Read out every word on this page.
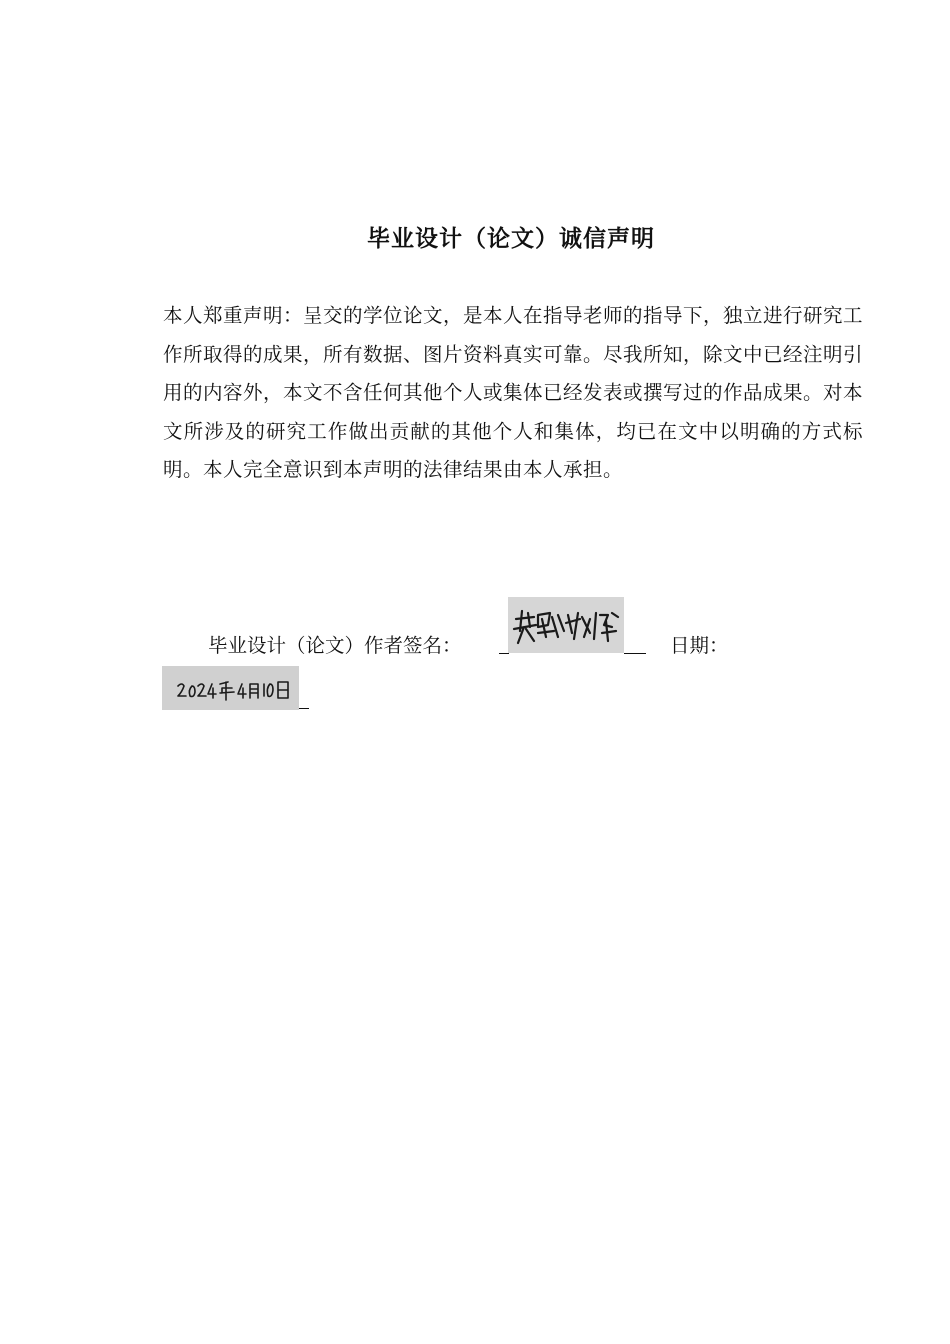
毕业设计（论文）诚信声明
本人郑重声明：呈交的学位论文，是本人在指导老师的指导下，独立进行研究工作所取得的成果，所有数据、图片资料真实可靠。尽我所知，除文中已经注明引用的内容外，本文不含任何其他个人或集体已经发表或撰写过的作品成果。对本文所涉及的研究工作做出贡献的其他个人和集体，均已在文中以明确的方式标明。本人完全意识到本声明的法律结果由本人承担。
毕业设计（论文）作者签名：	日期：
